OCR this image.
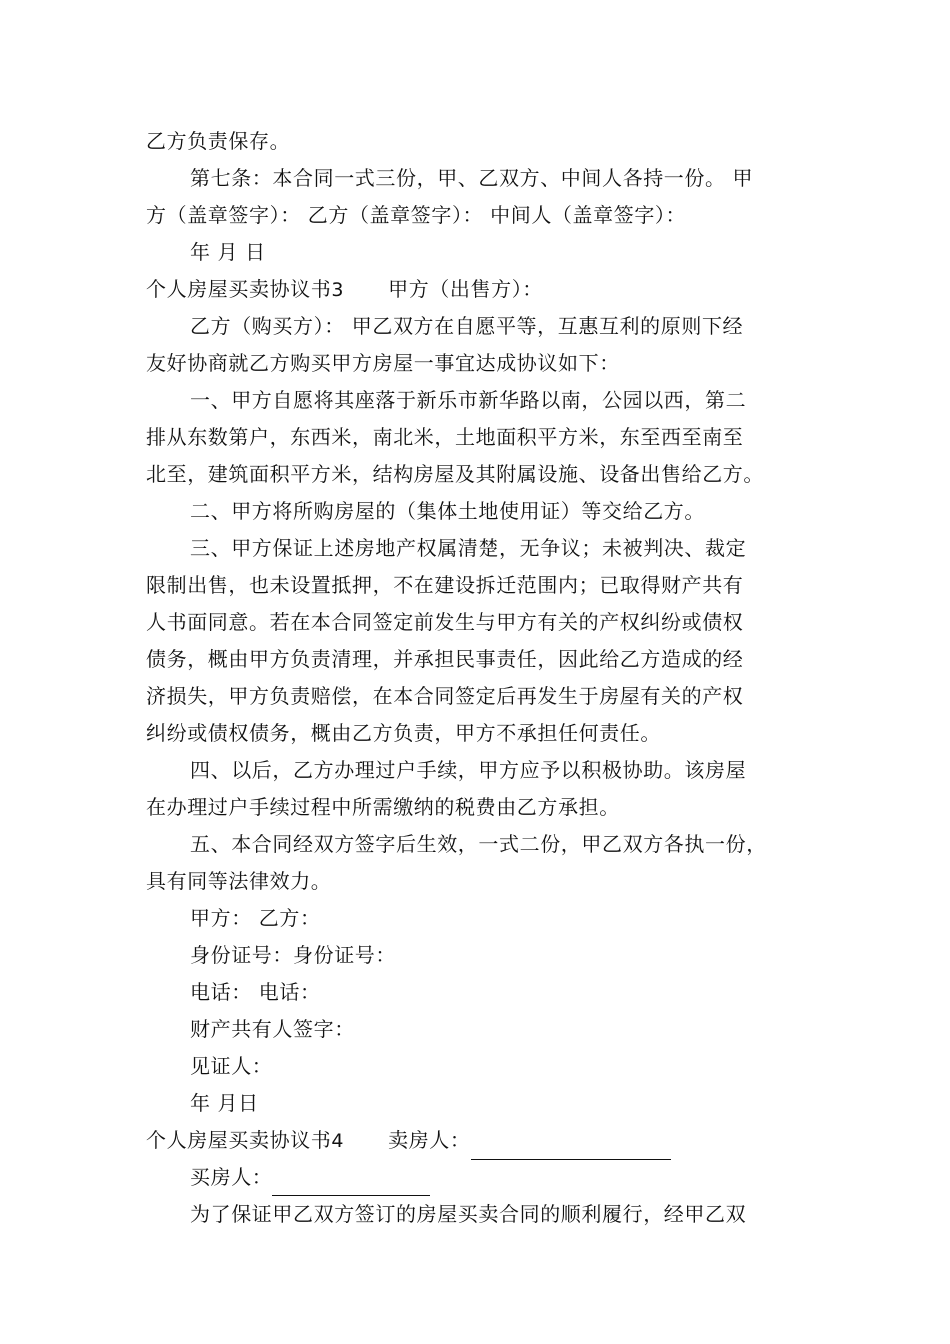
乙方负责保存。
第七条：本合同一式三份，甲、乙双方、中间人各持一份。 甲
方（盖章签字）： 乙方（盖章签字）： 中间人（盖章签字）：
年 月 日
个人房屋买卖协议书3 甲方（出售方）：
乙方（购买方）： 甲乙双方在自愿平等，互惠互利的原则下经
友好协商就乙方购买甲方房屋一事宜达成协议如下：
一、甲方自愿将其座落于新乐市新华路以南，公园以西，第二
排从东数第户，东西米，南北米，土地面积平方米，东至西至南至
北至，建筑面积平方米，结构房屋及其附属设施、设备出售给乙方。
二、甲方将所购房屋的（集体土地使用证）等交给乙方。
三、甲方保证上述房地产权属清楚，无争议；未被判决、裁定
限制出售，也未设置抵押，不在建设拆迁范围内；已取得财产共有
人书面同意。若在本合同签定前发生与甲方有关的产权纠纷或债权
债务，概由甲方负责清理，并承担民事责任，因此给乙方造成的经
济损失，甲方负责赔偿，在本合同签定后再发生于房屋有关的产权
纠纷或债权债务，概由乙方负责，甲方不承担任何责任。
四、以后，乙方办理过户手续，甲方应予以积极协助。该房屋
在办理过户手续过程中所需缴纳的税费由乙方承担。
五、本合同经双方签字后生效，一式二份，甲乙双方各执一份，
具有同等法律效力。
甲方： 乙方：
身份证号：身份证号：
电话： 电话：
财产共有人签字：
见证人：
年 月日
个人房屋买卖协议书4 卖房人：
买房人：
为了保证甲乙双方签订的房屋买卖合同的顺利履行，经甲乙双
